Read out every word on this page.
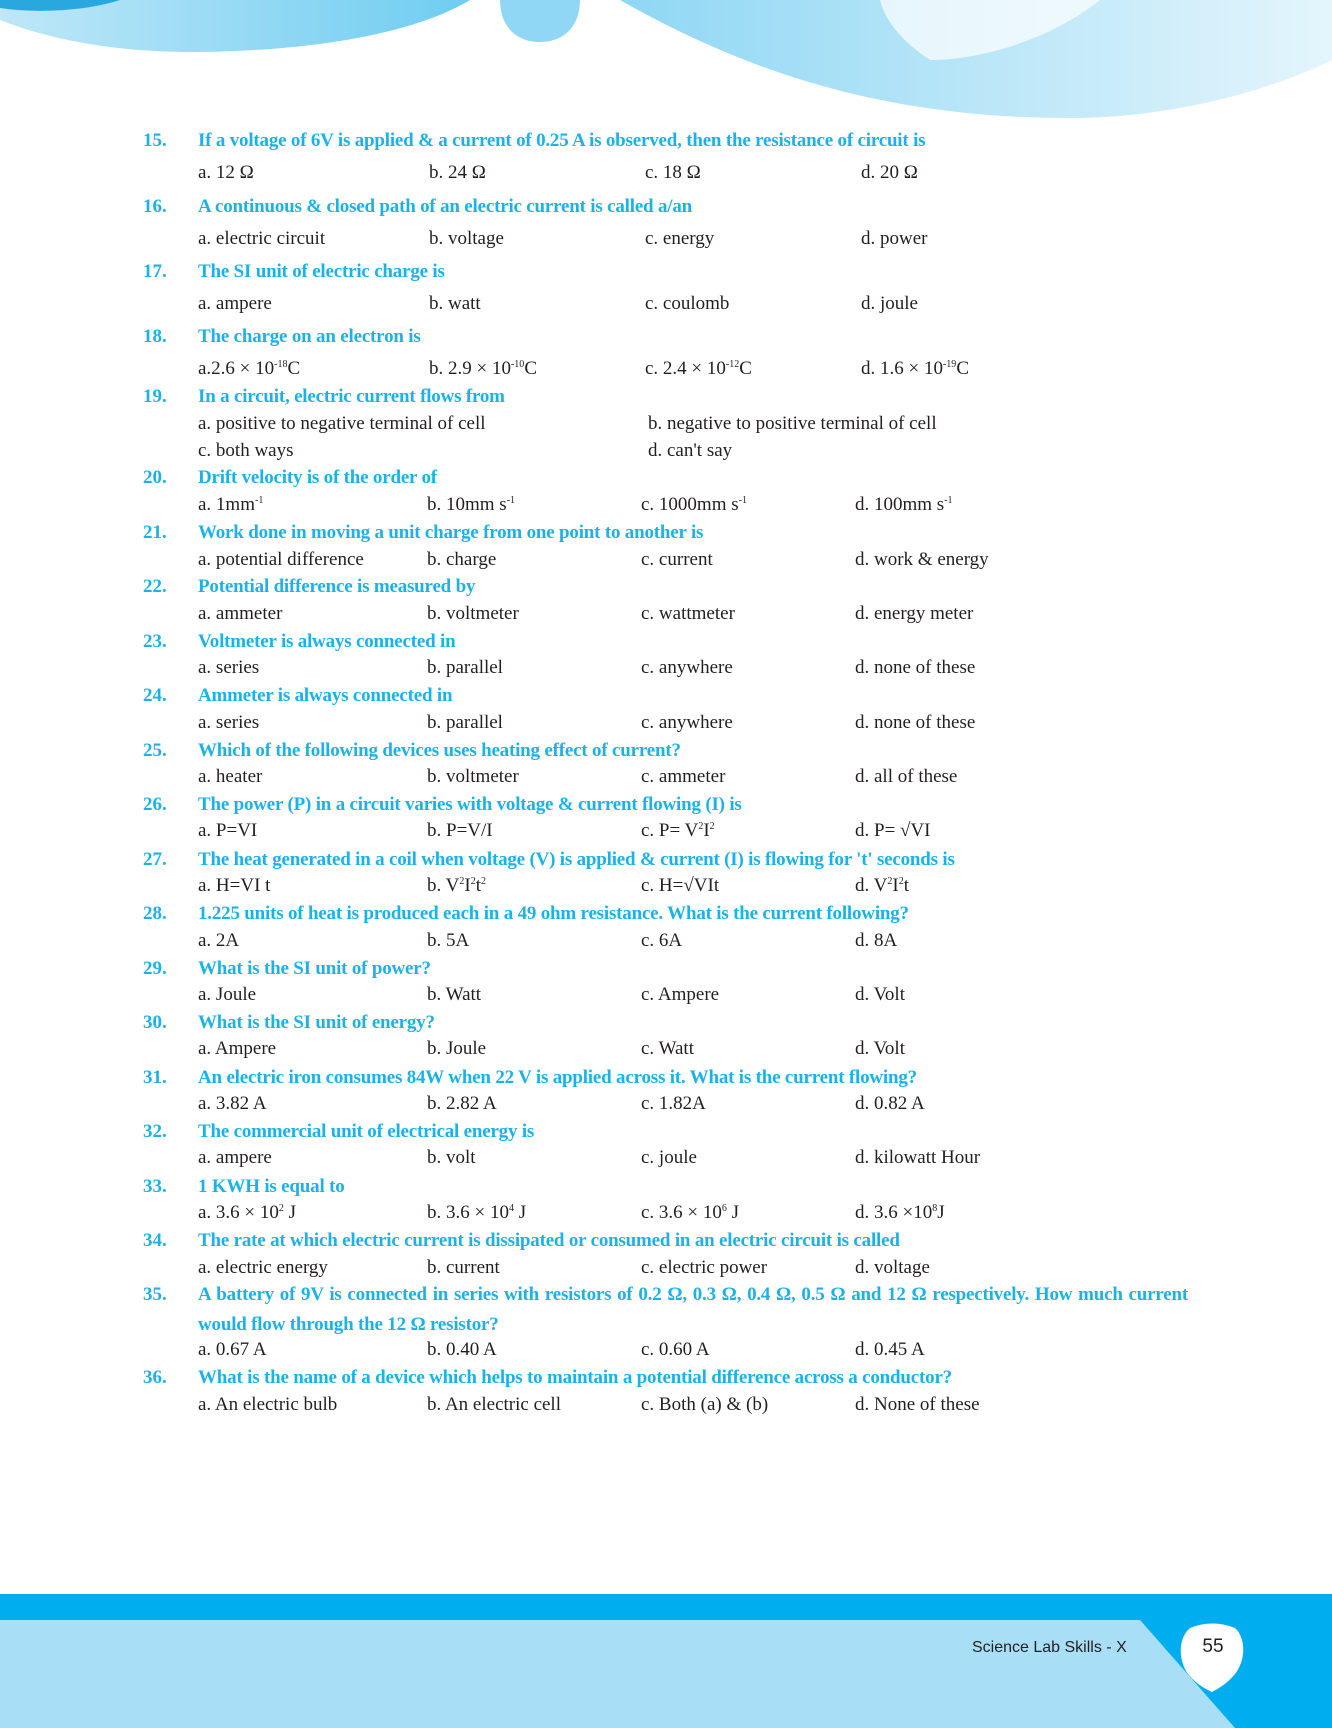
15.	If a voltage of 6V is applied & a current of 0.25 A is observed, then the resistance of circuit is
a. 12 Ω	b. 24 Ω	c. 18 Ω	d. 20 Ω
16.	A continuous & closed path of an electric current is called a/an
a. electric circuit	b. voltage	c. energy	d. power
17.	The SI unit of electric charge is
a. ampere	b. watt	c. coulomb	d. joule
18.	The charge on an electron is
$a.2.6 \times 10^{-18}C$	b. $2.9 \times 10^{-10}C$	c. $2.4 \times 10^{-12}C$	d. $1.6 \times 10^{-19}C$
19.	In a circuit, electric current flows from
a. positive to negative terminal of cell	b. negative to positive terminal of cell
c. both ways	d. can't say
20.	Drift velocity is of the order of
a. $1mm^{-1}$	b. 10mm $s^{-1}$	c. 1000mm $s^{-1}$	d. 100mm $s^{-1}$
21.	Work done in moving a unit charge from one point to another is
a. potential difference	b. charge	c. current	d. work & energy
22.	Potential difference is measured by
a. ammeter	b. voltmeter	c. wattmeter	d. energy meter
23.	Voltmeter is always connected in
a. series	b. parallel	c. anywhere	d. none of these
24.	Ammeter is always connected in
a. series	b. parallel	c. anywhere	d. none of these
25.	Which of the following devices uses heating effect of current?
a. heater	b. voltmeter	c. ammeter	d. all of these
26.	The power (P) in a circuit varies with voltage & current flowing (I) is
a. P=VI	b. P=V/I	c. $P= V^2I^2$	d. P= √VI
27.	The heat generated in a coil when voltage (V) is applied & current (I) is flowing for 't' seconds is
a. H=VI t	b. $V^2I^2t^2$	c. H=√VIt	d. $V^2I^2t$
28.	1.225 units of heat is produced each in a 49 ohm resistance. What is the current following?
a. 2A	b. 5A	c. 6A	d. 8A
29.	What is the SI unit of power?
a. Joule	b. Watt	c. Ampere	d. Volt
30.	What is the SI unit of energy?
a. Ampere	b. Joule	c. Watt	d. Volt
31.	An electric iron consumes 84W when 22 V is applied across it. What is the current flowing?
a. 3.82 A	b. 2.82 A	c. 1.82A	d. 0.82 A
32.	The commercial unit of electrical energy is
a. ampere	b. volt	c. joule	d. kilowatt Hour
33.	1 KWH is equal to
a. $3.6 \times 10^2$ J	b. $3.6 \times 10^4$ J	c. $3.6 \times 10^6$ J	d. $3.6 \times 10^8J$
34.	The rate at which electric current is dissipated or consumed in an electric circuit is called
a. electric energy	b. current	c. electric power	d. voltage
35.	A battery of 9V is connected in series with resistors of 0.2 Ω, 0.3 Ω, 0.4 Ω, 0.5 Ω and 12 Ω respectively. How much current would flow through the 12 Ω resistor?
a. 0.67 A	b. 0.40 A	c. 0.60 A	d. 0.45 A
36.	What is the name of a device which helps to maintain a potential difference across a conductor?
a. An electric bulb	b. An electric cell	c. Both (a) & (b)	d. None of these
Science Lab Skills - X	55
